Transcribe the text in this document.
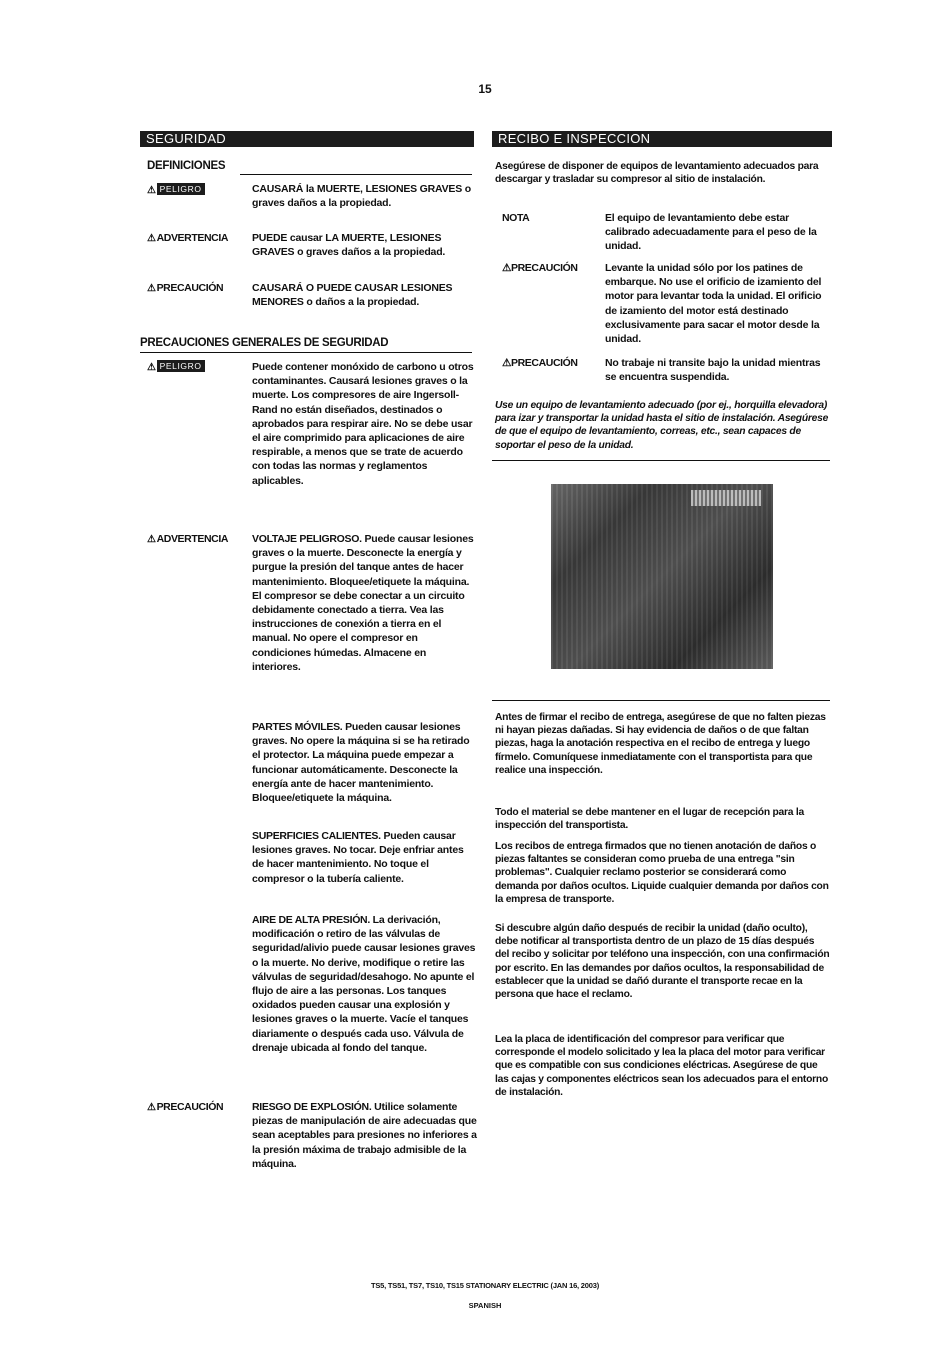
15
SEGURIDAD
DEFINICIONES
⚠ PELIGRO	CAUSARÁ la MUERTE, LESIONES GRAVES o graves daños a la propiedad.
⚠ADVERTENCIA	PUEDE causar LA MUERTE, LESIONES GRAVES o graves daños a la propiedad.
⚠PRECAUCIÓN	CAUSARÁ O PUEDE CAUSAR LESIONES MENORES o daños a la propiedad.
PRECAUCIONES GENERALES DE SEGURIDAD
⚠ PELIGRO	Puede contener monóxido de carbono u otros contaminantes. Causará lesiones graves o la muerte. Los compresores de aire Ingersoll-Rand no están diseñados, destinados o aprobados para respirar aire. No se debe usar el aire comprimido para aplicaciones de aire respirable, a menos que se trate de acuerdo con todas las normas y reglamentos aplicables.
⚠ADVERTENCIA	VOLTAJE PELIGROSO. Puede causar lesiones graves o la muerte. Desconecte la energía y purgue la presión del tanque antes de hacer mantenimiento. Bloquee/etiquete la máquina. El compresor se debe conectar a un circuito debidamente conectado a tierra. Vea las instrucciones de conexión a tierra en el manual. No opere el compresor en condiciones húmedas. Almacene en interiores.
PARTES MÓVILES. Pueden causar lesiones graves. No opere la máquina si se ha retirado el protector. La máquina puede empezar a funcionar automáticamente. Desconecte la energía ante de hacer mantenimiento. Bloquee/etiquete la máquina.
SUPERFICIES CALIENTES. Pueden causar lesiones graves. No tocar. Deje enfriar antes de hacer mantenimiento. No toque el compresor o la tubería caliente.
AIRE DE ALTA PRESIÓN. La derivación, modificación o retiro de las válvulas de seguridad/alivio puede causar lesiones graves o la muerte. No derive, modifique o retire las válvulas de seguridad/desahogo. No apunte el flujo de aire a las personas. Los tanques oxidados pueden causar una explosión y lesiones graves o la muerte. Vacíe el tanques diariamente o después cada uso. Válvula de drenaje ubicada al fondo del tanque.
⚠PRECAUCIÓN	RIESGO DE EXPLOSIÓN. Utilice solamente piezas de manipulación de aire adecuadas que sean aceptables para presiones no inferiores a la presión máxima de trabajo admisible de la máquina.
RECIBO E INSPECCION
Asegúrese de disponer de equipos de levantamiento adecuados para descargar y trasladar su compresor al sitio de instalación.
NOTA	El equipo de levantamiento debe estar calibrado adecuadamente para el peso de la unidad.
⚠PRECAUCIÓN	Levante la unidad sólo por los patines de embarque. No use el orificio de izamiento del motor para levantar toda la unidad. El orificio de izamiento del motor está destinado exclusivamente para sacar el motor desde la unidad.
⚠PRECAUCIÓN	No trabaje ni transite bajo la unidad mientras se encuentra suspendida.
Use un equipo de levantamiento adecuado (por ej., horquilla elevadora) para izar y transportar la unidad hasta el sitio de instalación. Asegúrese de que el equipo de levantamiento, correas, etc., sean capaces de soportar el peso de la unidad.
Antes de firmar el recibo de entrega, asegúrese de que no falten piezas ni hayan piezas dañadas. Si hay evidencia de daños o de que faltan piezas, haga la anotación respectiva en el recibo de entrega y luego fírmelo. Comuníquese inmediatamente con el transportista para que realice una inspección.
Todo el material se debe mantener en el lugar de recepción para la inspección del transportista.
Los recibos de entrega firmados que no tienen anotación de daños o piezas faltantes se consideran como prueba de una entrega "sin problemas". Cualquier reclamo posterior se considerará como demanda por daños ocultos. Liquide cualquier demanda por daños con la empresa de transporte.
Si descubre algún daño después de recibir la unidad (daño oculto), debe notificar al transportista dentro de un plazo de 15 días después del recibo y solicitar por teléfono una inspección, con una confirmación por escrito. En las demandes por daños ocultos, la responsabilidad de establecer que la unidad se dañó durante el transporte recae en la persona que hace el reclamo.
Lea la placa de identificación del compresor para verificar que corresponde el modelo solicitado y lea la placa del motor para verificar que es compatible con sus condiciones eléctricas. Asegúrese de que las cajas y componentes eléctricos sean los adecuados para el entorno de instalación.
TS5, TS51, TS7, TS10, TS15 STATIONARY ELECTRIC (JAN 16, 2003)
SPANISH
